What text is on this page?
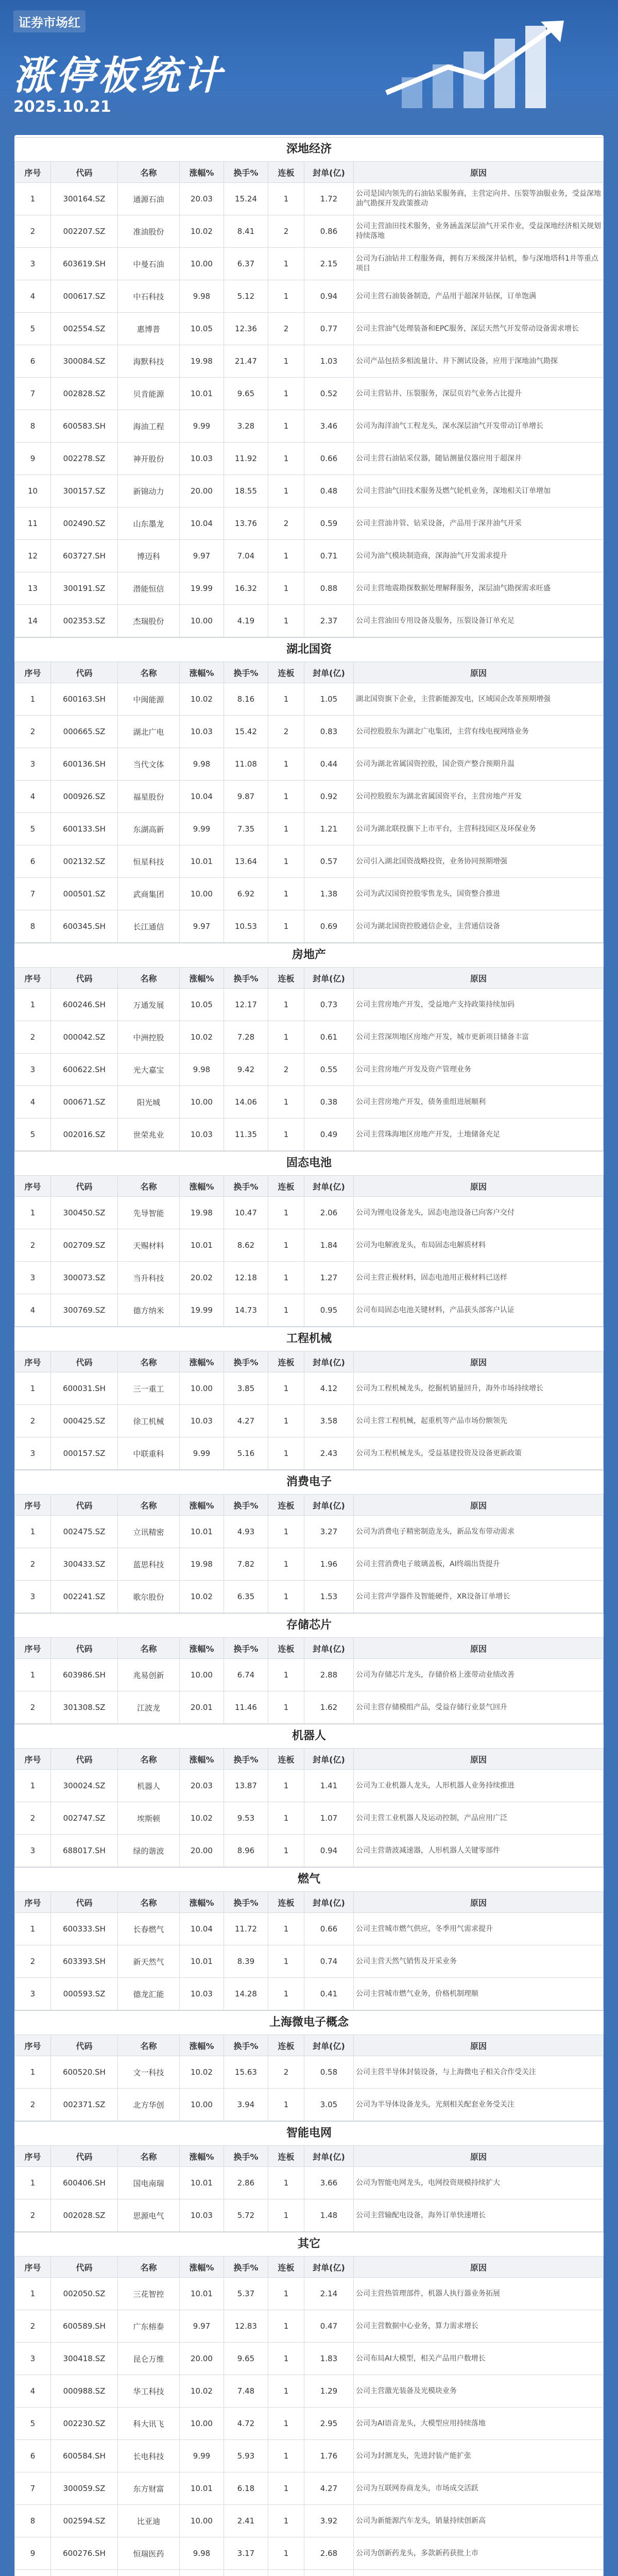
证券市场红
涨停板统计
2025.10.21
深地经济
序号	代码	名称	涨幅%	换手%	连板	封单(亿)	原因
1	300164.SZ	通源石油	20.03	15.24	1	1.72	公司是国内领先的石油钻采服务商，主营定向井、压裂等油服业务，受益深地油气勘探开发政策推动
2	002207.SZ	准油股份	10.02	8.41	2	0.86	公司主营油田技术服务，业务涵盖深层油气开采作业，受益深地经济相关规划持续落地
3	603619.SH	中曼石油	10.00	6.37	1	2.15	公司为石油钻井工程服务商，拥有万米级深井钻机，参与深地塔科1井等重点项目
4	000617.SZ	中石科技	9.98	5.12	1	0.94	公司主营石油装备制造，产品用于超深井钻探，订单饱满
5	002554.SZ	惠博普	10.05	12.36	2	0.77	公司主营油气处理装备和EPC服务，深层天然气开发带动设备需求增长
6	300084.SZ	海默科技	19.98	21.47	1	1.03	公司产品包括多相流量计、井下测试设备，应用于深地油气勘探
7	002828.SZ	贝肯能源	10.01	9.65	1	0.52	公司主营钻井、压裂服务，深层页岩气业务占比提升
8	600583.SH	海油工程	9.99	3.28	1	3.46	公司为海洋油气工程龙头，深水深层油气开发带动订单增长
9	002278.SZ	神开股份	10.03	11.92	1	0.66	公司主营石油钻采仪器，随钻测量仪器应用于超深井
10	300157.SZ	新锦动力	20.00	18.55	1	0.48	公司主营油气田技术服务及燃气轮机业务，深地相关订单增加
11	002490.SZ	山东墨龙	10.04	13.76	2	0.59	公司主营油井管、钻采设备，产品用于深井油气开采
12	603727.SH	博迈科	9.97	7.04	1	0.71	公司为油气模块制造商，深海油气开发需求提升
13	300191.SZ	潜能恒信	19.99	16.32	1	0.88	公司主营地震勘探数据处理解释服务，深层油气勘探需求旺盛
14	002353.SZ	杰瑞股份	10.00	4.19	1	2.37	公司主营油田专用设备及服务，压裂设备订单充足
湖北国资
序号	代码	名称	涨幅%	换手%	连板	封单(亿)	原因
1	600163.SH	中闽能源	10.02	8.16	1	1.05	湖北国资旗下企业，主营新能源发电，区域国企改革预期增强
2	000665.SZ	湖北广电	10.03	15.42	2	0.83	公司控股股东为湖北广电集团，主营有线电视网络业务
3	600136.SH	当代文体	9.98	11.08	1	0.44	公司为湖北省属国资控股，国企资产整合预期升温
4	000926.SZ	福星股份	10.04	9.87	1	0.92	公司控股股东为湖北省属国资平台，主营房地产开发
5	600133.SH	东湖高新	9.99	7.35	1	1.21	公司为湖北联投旗下上市平台，主营科技园区及环保业务
6	002132.SZ	恒星科技	10.01	13.64	1	0.57	公司引入湖北国资战略投资，业务协同预期增强
7	000501.SZ	武商集团	10.00	6.92	1	1.38	公司为武汉国资控股零售龙头，国资整合推进
8	600345.SH	长江通信	9.97	10.53	1	0.69	公司为湖北国资控股通信企业，主营通信设备
房地产
序号	代码	名称	涨幅%	换手%	连板	封单(亿)	原因
1	600246.SH	万通发展	10.05	12.17	1	0.73	公司主营房地产开发，受益地产支持政策持续加码
2	000042.SZ	中洲控股	10.02	7.28	1	0.61	公司主营深圳地区房地产开发，城市更新项目储备丰富
3	600622.SH	光大嘉宝	9.98	9.42	2	0.55	公司主营房地产开发及资产管理业务
4	000671.SZ	阳光城	10.00	14.06	1	0.38	公司主营房地产开发，债务重组进展顺利
5	002016.SZ	世荣兆业	10.03	11.35	1	0.49	公司主营珠海地区房地产开发，土地储备充足
固态电池
序号	代码	名称	涨幅%	换手%	连板	封单(亿)	原因
1	300450.SZ	先导智能	19.98	10.47	1	2.06	公司为锂电设备龙头，固态电池设备已向客户交付
2	002709.SZ	天赐材料	10.01	8.62	1	1.84	公司为电解液龙头，布局固态电解质材料
3	300073.SZ	当升科技	20.02	12.18	1	1.27	公司主营正极材料，固态电池用正极材料已送样
4	300769.SZ	德方纳米	19.99	14.73	1	0.95	公司布局固态电池关键材料，产品获头部客户认证
工程机械
序号	代码	名称	涨幅%	换手%	连板	封单(亿)	原因
1	600031.SH	三一重工	10.00	3.85	1	4.12	公司为工程机械龙头，挖掘机销量回升，海外市场持续增长
2	000425.SZ	徐工机械	10.03	4.27	1	3.58	公司主营工程机械，起重机等产品市场份额领先
3	000157.SZ	中联重科	9.99	5.16	1	2.43	公司为工程机械龙头，受益基建投资及设备更新政策
消费电子
序号	代码	名称	涨幅%	换手%	连板	封单(亿)	原因
1	002475.SZ	立讯精密	10.01	4.93	1	3.27	公司为消费电子精密制造龙头，新品发布带动需求
2	300433.SZ	蓝思科技	19.98	7.82	1	1.96	公司主营消费电子玻璃盖板，AI终端出货提升
3	002241.SZ	歌尔股份	10.02	6.35	1	1.53	公司主营声学器件及智能硬件，XR设备订单增长
存储芯片
序号	代码	名称	涨幅%	换手%	连板	封单(亿)	原因
1	603986.SH	兆易创新	10.00	6.74	1	2.88	公司为存储芯片龙头，存储价格上涨带动业绩改善
2	301308.SZ	江波龙	20.01	11.46	1	1.62	公司主营存储模组产品，受益存储行业景气回升
机器人
序号	代码	名称	涨幅%	换手%	连板	封单(亿)	原因
1	300024.SZ	机器人	20.03	13.87	1	1.41	公司为工业机器人龙头，人形机器人业务持续推进
2	002747.SZ	埃斯顿	10.02	9.53	1	1.07	公司主营工业机器人及运动控制，产品应用广泛
3	688017.SH	绿的谐波	20.00	8.96	1	0.94	公司主营谐波减速器，人形机器人关键零部件
燃气
序号	代码	名称	涨幅%	换手%	连板	封单(亿)	原因
1	600333.SH	长春燃气	10.04	11.72	1	0.66	公司主营城市燃气供应，冬季用气需求提升
2	603393.SH	新天然气	10.01	8.39	1	0.74	公司主营天然气销售及开采业务
3	000593.SZ	德龙汇能	10.03	14.28	1	0.41	公司主营城市燃气业务，价格机制理顺
上海微电子概念
序号	代码	名称	涨幅%	换手%	连板	封单(亿)	原因
1	600520.SH	文一科技	10.02	15.63	2	0.58	公司主营半导体封装设备，与上海微电子相关合作受关注
2	002371.SZ	北方华创	10.00	3.94	1	3.05	公司为半导体设备龙头，光刻相关配套业务受关注
智能电网
序号	代码	名称	涨幅%	换手%	连板	封单(亿)	原因
1	600406.SH	国电南瑞	10.01	2.86	1	3.66	公司为智能电网龙头，电网投资规模持续扩大
2	002028.SZ	思源电气	10.03	5.72	1	1.48	公司主营输配电设备，海外订单快速增长
其它
序号	代码	名称	涨幅%	换手%	连板	封单(亿)	原因
1	002050.SZ	三花智控	10.01	5.37	1	2.14	公司主营热管理部件，机器人执行器业务拓展
2	600589.SH	广东榕泰	9.97	12.83	1	0.47	公司主营数据中心业务，算力需求增长
3	300418.SZ	昆仑万维	20.00	9.65	1	1.83	公司布局AI大模型，相关产品用户数增长
4	000988.SZ	华工科技	10.02	7.48	1	1.29	公司主营激光装备及光模块业务
5	002230.SZ	科大讯飞	10.00	4.72	1	2.95	公司为AI语音龙头，大模型应用持续落地
6	600584.SH	长电科技	9.99	5.93	1	1.76	公司为封测龙头，先进封装产能扩张
7	300059.SZ	东方财富	10.01	6.18	1	4.27	公司为互联网券商龙头，市场成交活跃
8	002594.SZ	比亚迪	10.00	2.41	1	3.92	公司为新能源汽车龙头，销量持续创新高
9	600276.SH	恒瑞医药	9.98	3.17	1	2.68	公司为创新药龙头，多款新药获批上市
